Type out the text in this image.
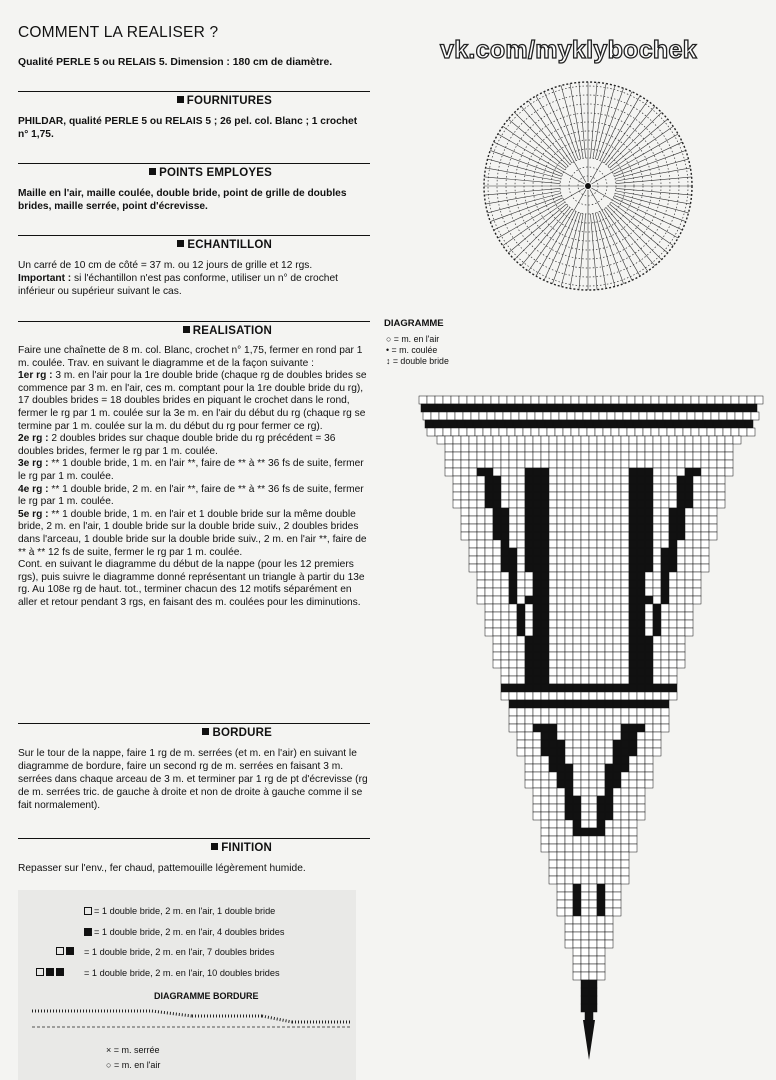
COMMENT LA REALISER ?
Qualité PERLE 5 ou RELAIS 5. Dimension : 180 cm de diamètre.
FOURNITURES
PHILDAR, qualité PERLE 5 ou RELAIS 5 ; 26 pel. col. Blanc ; 1 crochet n° 1,75.
POINTS EMPLOYES
Maille en l'air, maille coulée, double bride, point de grille de doubles brides, maille serrée, point d'écrevisse.
ECHANTILLON

Un carré de 10 cm de côté = 37 m. ou 12 jours de grille et 12 rgs.

Important : si l'échantillon n'est pas conforme, utiliser un n° de crochet inférieur ou supérieur suivant le cas.

REALISATION

Faire une chaînette de 8 m. col. Blanc, crochet n° 1,75, fermer en rond par 1 m. coulée. Trav. en suivant le diagramme et de la façon suivante :

1er rg : 3 m. en l'air pour la 1re double bride (chaque rg de doubles brides se commence par 3 m. en l'air, ces m. comptant pour la 1re double bride du rg), 17 doubles brides = 18 doubles brides en piquant le crochet dans le rond, fermer le rg par 1 m. coulée sur la 3e m. en l'air du début du rg (chaque rg se termine par 1 m. coulée sur la m. du début du rg pour fermer ce rg).

2e rg : 2 doubles brides sur chaque double bride du rg précédent = 36 doubles brides, fermer le rg par 1 m. coulée.

3e rg : ** 1 double bride, 1 m. en l'air **, faire de ** à ** 36 fs de suite, fermer le rg par 1 m. coulée.

4e rg : ** 1 double bride, 2 m. en l'air **, faire de ** à ** 36 fs de suite, fermer le rg par 1 m. coulée.

5e rg : ** 1 double bride, 1 m. en l'air et 1 double bride sur la même double bride, 2 m. en l'air, 1 double bride sur la double bride suiv., 2 doubles brides dans l'arceau, 1 double bride sur la double bride suiv., 2 m. en l'air **, faire de ** à ** 12 fs de suite, fermer le rg par 1 m. coulée.

Cont. en suivant le diagramme du début de la nappe (pour les 12 premiers rgs), puis suivre le diagramme donné représentant un triangle à partir du 13e rg. Au 108e rg de haut. tot., terminer chacun des 12 motifs séparément en aller et retour pendant 3 rgs, en faisant des m. coulées pour les diminutions.

BORDURE
Sur le tour de la nappe, faire 1 rg de m. serrées (et m. en l'air) en suivant le diagramme de bordure, faire un second rg de m. serrées en faisant 3 m. serrées dans chaque arceau de 3 m. et terminer par 1 rg de pt d'écrevisse (rg de m. serrées tric. de gauche à droite et non de droite à gauche comme il se fait normalement).
FINITION
Repasser sur l'env., fer chaud, pattemouille légèrement humide.
= 1 double bride, 2 m. en l'air, 1 double bride
= 1 double bride, 2 m. en l'air, 4 doubles brides
= 1 double bride, 2 m. en l'air, 7 doubles brides
= 1 double bride, 2 m. en l'air, 10 doubles brides
DIAGRAMME BORDURE
× = m. serrée
○ = m. en l'air
vk.com/myklybochek
DIAGRAMME
○ = m. en l'air
• = m. coulée
↕ = double bride
